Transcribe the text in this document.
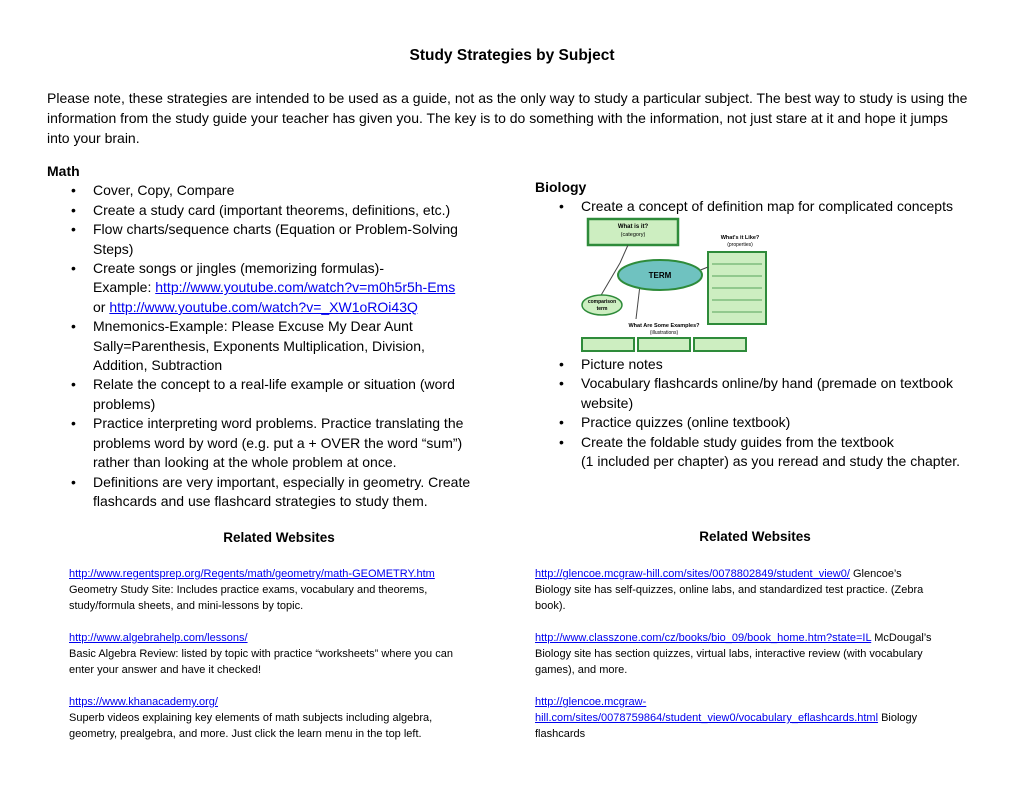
Study Strategies by Subject
Please note, these strategies are intended to be used as a guide, not as the only way to study a particular subject. The best way to study is using the
information from the study guide your teacher has given you. The key is to do something with the information, not just stare at it and hope it jumps
into your brain.
Math
• Cover, Copy, Compare
• Create a study card (important theorems, definitions, etc.)
• Flow charts/sequence charts (Equation or Problem-Solving
Steps)
• Create songs or jingles (memorizing formulas)-
Example: http://www.youtube.com/watch?v=m0h5r5h-Ems
or http://www.youtube.com/watch?v=_XW1oROi43Q
• Mnemonics-Example: Please Excuse My Dear Aunt
Sally=Parenthesis, Exponents Multiplication, Division,
Addition, Subtraction
• Relate the concept to a real-life example or situation (word
problems)
• Practice interpreting word problems. Practice translating the
problems word by word (e.g. put a + OVER the word “sum”)
rather than looking at the whole problem at once.
• Definitions are very important, especially in geometry. Create
flashcards and use flashcard strategies to study them.
Biology
• Create a concept of definition map for complicated concepts
What is it?
(category)	What's it Like?
(properties)
TERM
comparison
term
What Are Some Examples?
(illustrations)
• Picture notes
• Vocabulary flashcards online/by hand (premade on textbook
website)
• Practice quizzes (online textbook)
• Create the foldable study guides from the textbook
(1 included per chapter) as you reread and study the chapter.
Related Websites	Related Websites
http://www.regentsprep.org/Regents/math/geometry/math-GEOMETRY.htm
Geometry Study Site: Includes practice exams, vocabulary and theorems,
study/formula sheets, and mini-lessons by topic.
http://www.algebrahelp.com/lessons/
Basic Algebra Review: listed by topic with practice “worksheets” where you can
enter your answer and have it checked!
https://www.khanacademy.org/
Superb videos explaining key elements of math subjects including algebra,
geometry, prealgebra, and more. Just click the learn menu in the top left.
http://glencoe.mcgraw-hill.com/sites/0078802849/student_view0/ Glencoe’s
Biology site has self-quizzes, online labs, and standardized test practice. (Zebra
book).
http://www.classzone.com/cz/books/bio_09/book_home.htm?state=IL McDougal’s
Biology site has section quizzes, virtual labs, interactive review (with vocabulary
games), and more.
http://glencoe.mcgraw-
hill.com/sites/0078759864/student_view0/vocabulary_eflashcards.html Biology
flashcards
